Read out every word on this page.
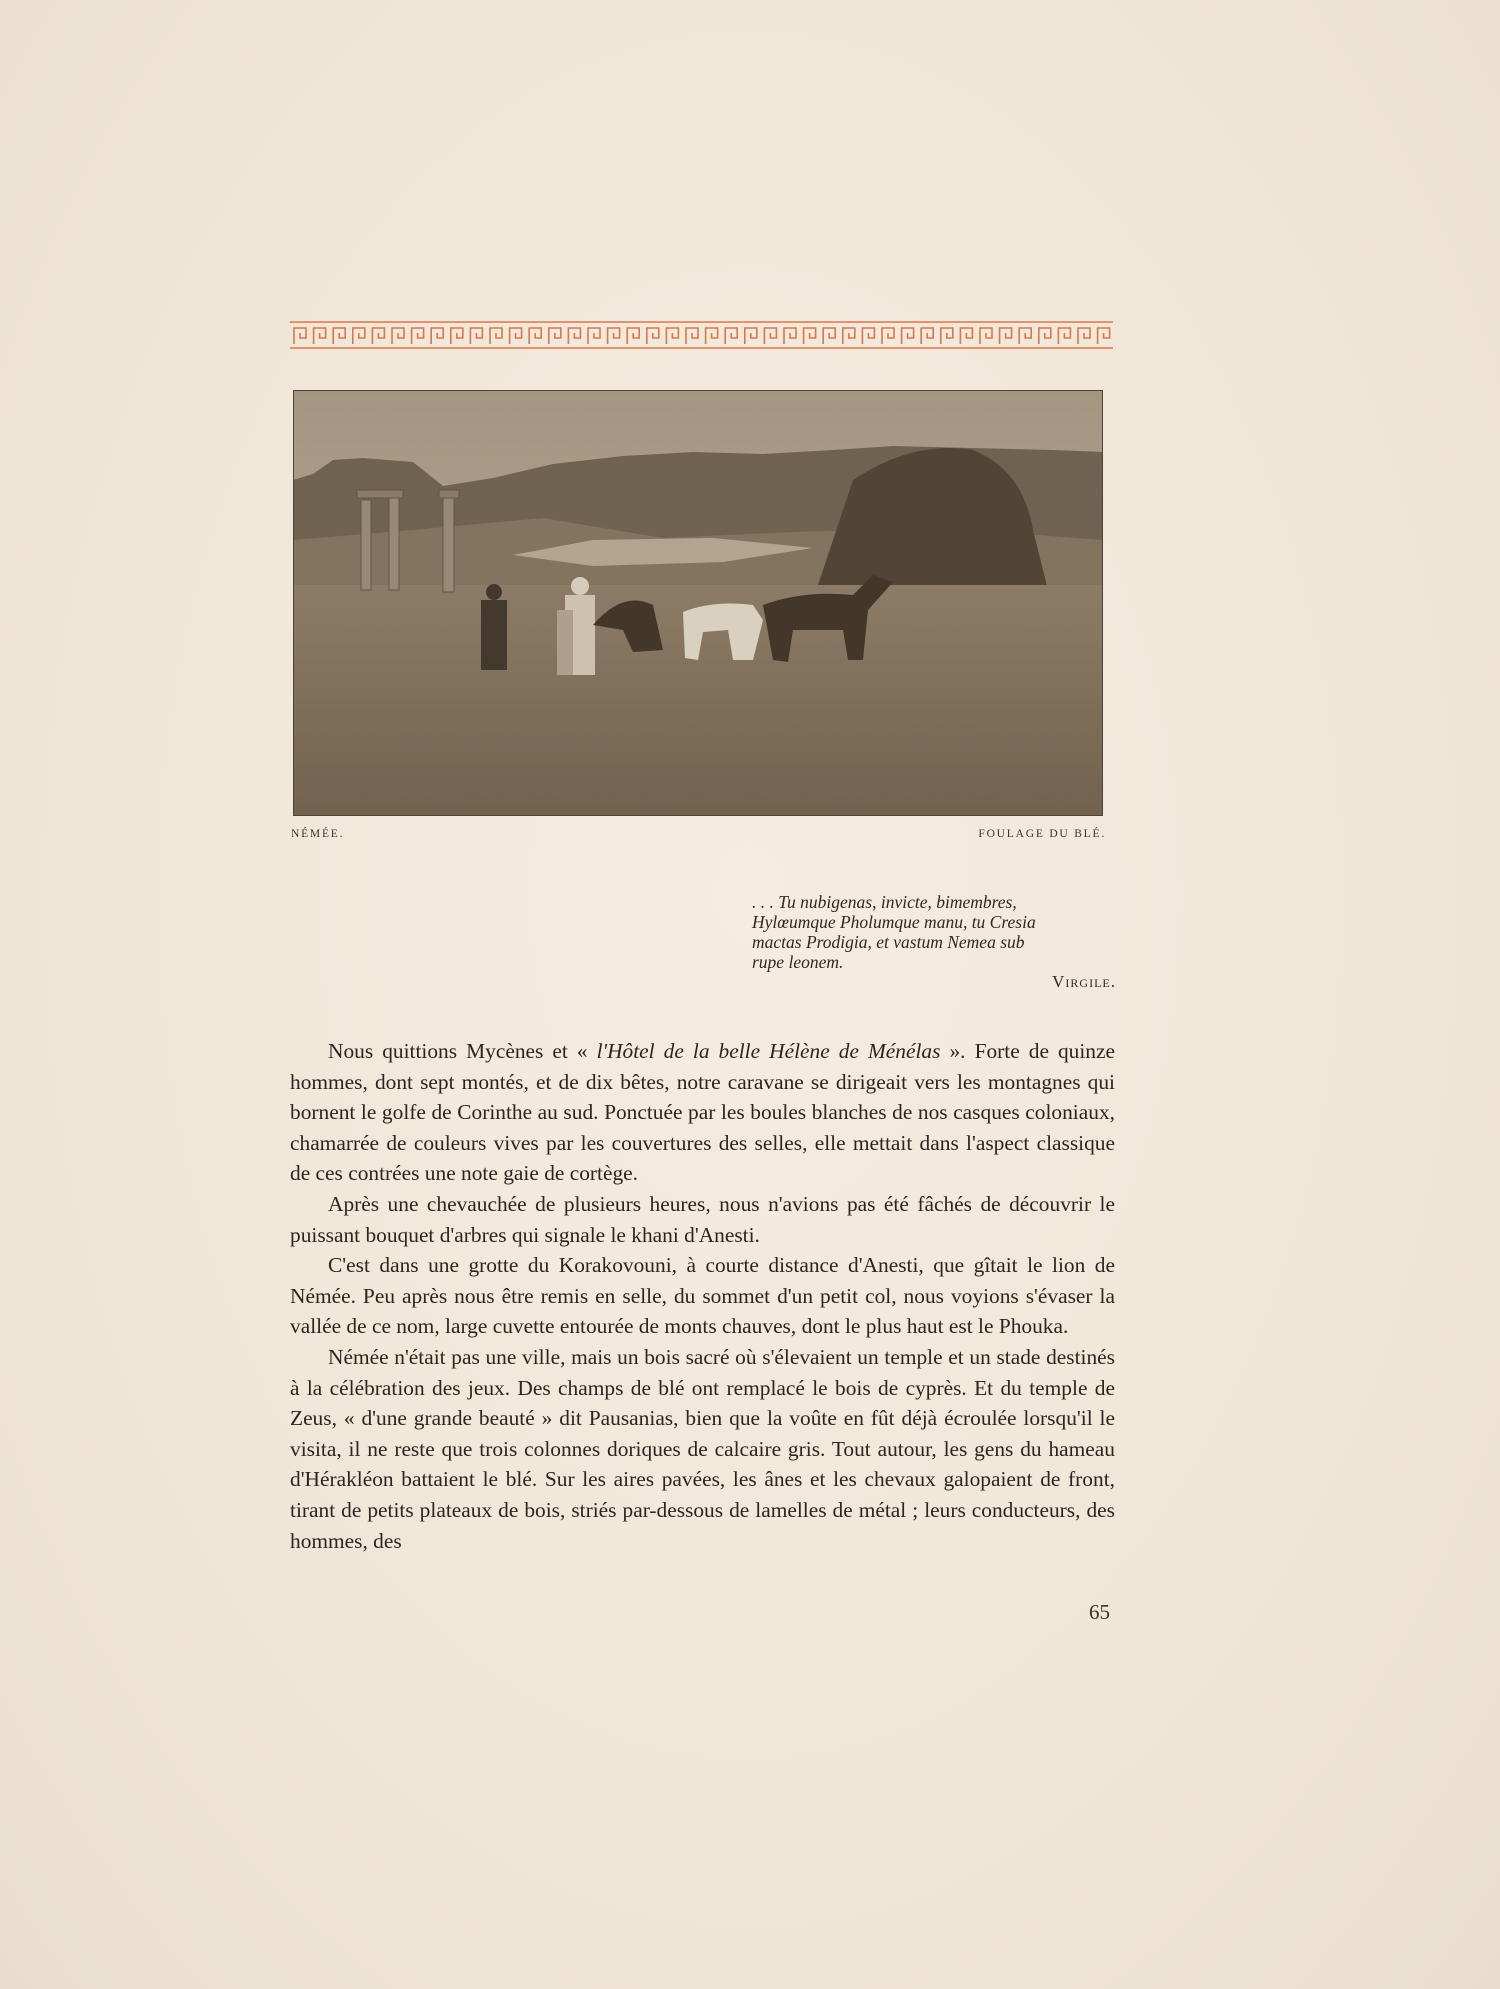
NÉMÉE.	FOULAGE DU BLÉ.
. . . Tu nubigenas, invicte, bimembres,
Hylœumque Pholumque manu, tu Cresia
mactas Prodigia, et vastum Nemea sub
rupe leonem.
Virgile.

Nous quittions Mycènes et « l'Hôtel de la belle Hélène de Ménélas ». Forte de quinze hommes, dont sept montés, et de dix bêtes, notre caravane se dirigeait vers les montagnes qui bornent le golfe de Corinthe au sud. Ponctuée par les boules blanches de nos casques coloniaux, chamarrée de couleurs vives par les couvertures des selles, elle mettait dans l'aspect classique de ces contrées une note gaie de cortège.

Après une chevauchée de plusieurs heures, nous n'avions pas été fâchés de découvrir le puissant bouquet d'arbres qui signale le khani d'Anesti.

C'est dans une grotte du Korakovouni, à courte distance d'Anesti, que gîtait le lion de Némée. Peu après nous être remis en selle, du sommet d'un petit col, nous voyions s'évaser la vallée de ce nom, large cuvette entourée de monts chauves, dont le plus haut est le Phouka.

Némée n'était pas une ville, mais un bois sacré où s'élevaient un temple et un stade destinés à la célébration des jeux. Des champs de blé ont remplacé le bois de cyprès. Et du temple de Zeus, « d'une grande beauté » dit Pausanias, bien que la voûte en fût déjà écroulée lorsqu'il le visita, il ne reste que trois colonnes doriques de calcaire gris. Tout autour, les gens du hameau d'Hérakléon battaient le blé. Sur les aires pavées, les ânes et les chevaux galopaient de front, tirant de petits plateaux de bois, striés par-dessous de lamelles de métal ; leurs conducteurs, des hommes, des

65
